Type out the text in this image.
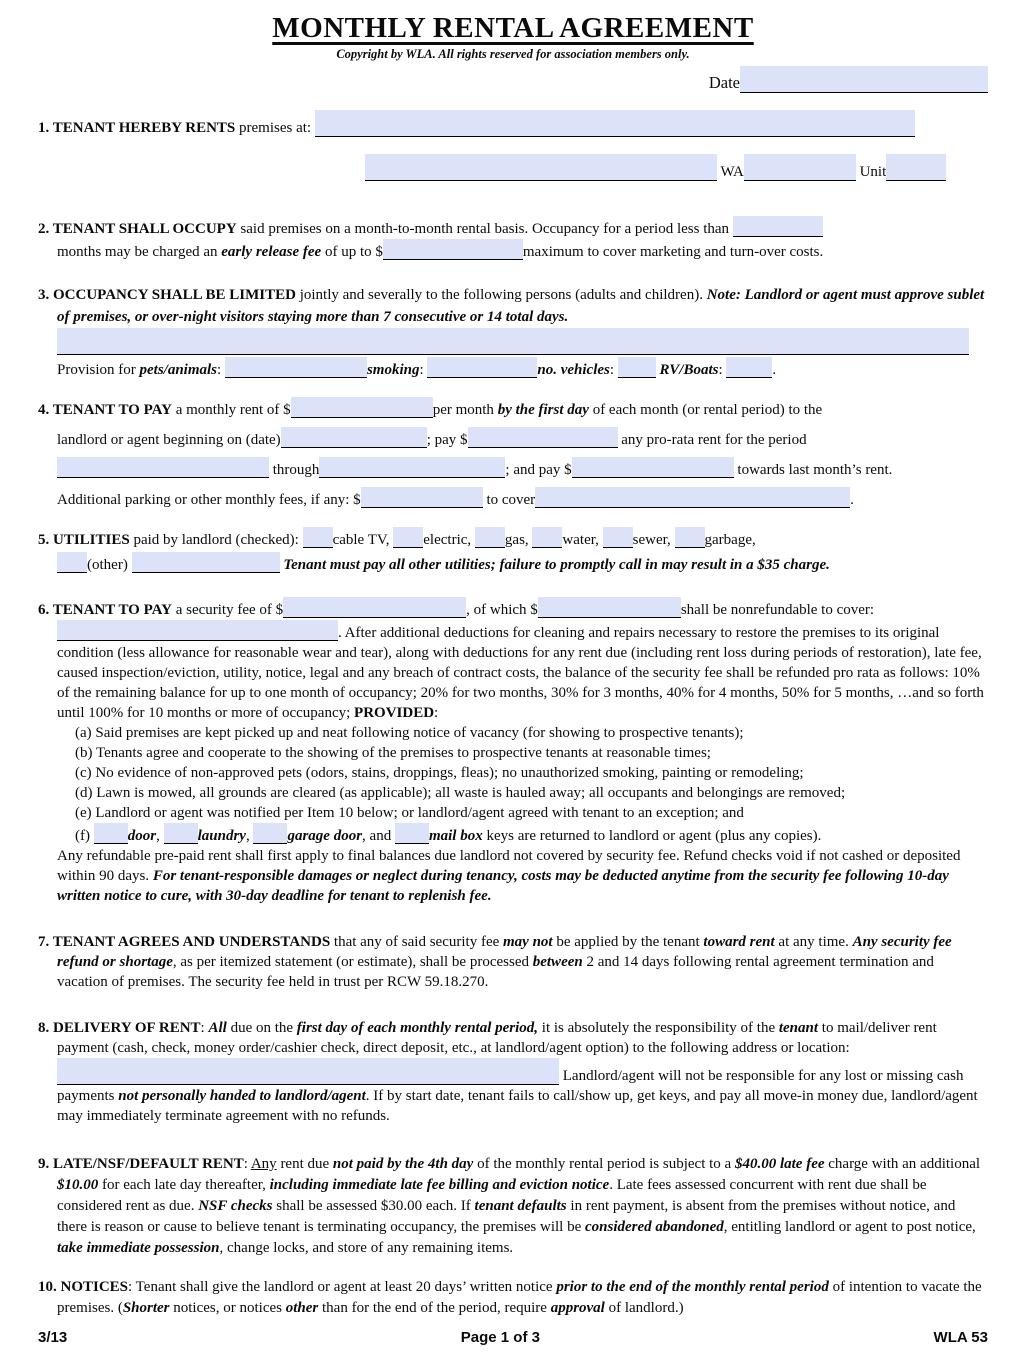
MONTHLY RENTAL AGREEMENT
Copyright by WLA. All rights reserved for association members only.
Date
1. TENANT HEREBY RENTS premises at:
WA	Unit
2. TENANT SHALL OCCUPY said premises on a month-to-month rental basis. Occupancy for a period less than
months may be charged an early release fee of up to $	maximum to cover marketing and turn-over costs.
3. OCCUPANCY SHALL BE LIMITED jointly and severally to the following persons (adults and children). Note: Landlord or agent must approve sublet of premises, or over-night visitors staying more than 7 consecutive or 14 total days.

Provision for pets/animals:	smoking:	no. vehicles:	RV/Boats:	.
4. TENANT TO PAY a monthly rent of $	per month by the first day of each month (or rental period) to the
landlord or agent beginning on (date)	; pay $	any pro-rata rent for the period
through	; and pay $	towards last month’s rent.
Additional parking or other monthly fees, if any: $	to cover	.
5. UTILITIES paid by landlord (checked): cable TV, electric, gas, water, sewer, garbage,
(other)	Tenant must pay all other utilities; failure to promptly call in may result in a $35 charge.
6. TENANT TO PAY a security fee of $	, of which $	shall be nonrefundable to cover:
. After additional deductions for cleaning and repairs necessary to restore the premises to its original condition (less allowance for reasonable wear and tear), along with deductions for any rent due (including rent loss during periods of restoration), late fee, caused inspection/eviction, utility, notice, legal and any breach of contract costs, the balance of the security fee shall be refunded pro rata as follows: 10% of the remaining balance for up to one month of occupancy; 20% for two months, 30% for 3 months, 40% for 4 months, 50% for 5 months, …and so forth until 100% for 10 months or more of occupancy; PROVIDED:
(a) Said premises are kept picked up and neat following notice of vacancy (for showing to prospective tenants);
(b) Tenants agree and cooperate to the showing of the premises to prospective tenants at reasonable times;
(c) No evidence of non-approved pets (odors, stains, droppings, fleas); no unauthorized smoking, painting or remodeling;
(d) Lawn is mowed, all grounds are cleared (as applicable); all waste is hauled away; all occupants and belongings are removed;
(e) Landlord or agent was notified per Item 10 below; or landlord/agent agreed with tenant to an exception; and
(f) door, laundry, garage door, and mail box keys are returned to landlord or agent (plus any copies).
Any refundable pre-paid rent shall first apply to final balances due landlord not covered by security fee. Refund checks void if not cashed or deposited within 90 days. For tenant-responsible damages or neglect during tenancy, costs may be deducted anytime from the security fee following 10-day written notice to cure, with 30-day deadline for tenant to replenish fee.
7. TENANT AGREES AND UNDERSTANDS that any of said security fee may not be applied by the tenant toward rent at any time. Any security fee refund or shortage, as per itemized statement (or estimate), shall be processed between 2 and 14 days following rental agreement termination and vacation of premises. The security fee held in trust per RCW 59.18.270.
8. DELIVERY OF RENT: All due on the first day of each monthly rental period, it is absolutely the responsibility of the tenant to mail/deliver rent payment (cash, check, money order/cashier check, direct deposit, etc., at landlord/agent option) to the following address or location:
Landlord/agent will not be responsible for any lost or missing cash payments not personally handed to landlord/agent. If by start date, tenant fails to call/show up, get keys, and pay all move-in money due, landlord/agent may immediately terminate agreement with no refunds.
9. LATE/NSF/DEFAULT RENT: Any rent due not paid by the 4th day of the monthly rental period is subject to a $40.00 late fee charge with an additional $10.00 for each late day thereafter, including immediate late fee billing and eviction notice. Late fees assessed concurrent with rent due shall be considered rent as due. NSF checks shall be assessed $30.00 each. If tenant defaults in rent payment, is absent from the premises without notice, and there is reason or cause to believe tenant is terminating occupancy, the premises will be considered abandoned, entitling landlord or agent to post notice, take immediate possession, change locks, and store of any remaining items.
10. NOTICES: Tenant shall give the landlord or agent at least 20 days’ written notice prior to the end of the monthly rental period of intention to vacate the premises. (Shorter notices, or notices other than for the end of the period, require approval of landlord.)
3/13	Page 1 of 3	WLA 53
